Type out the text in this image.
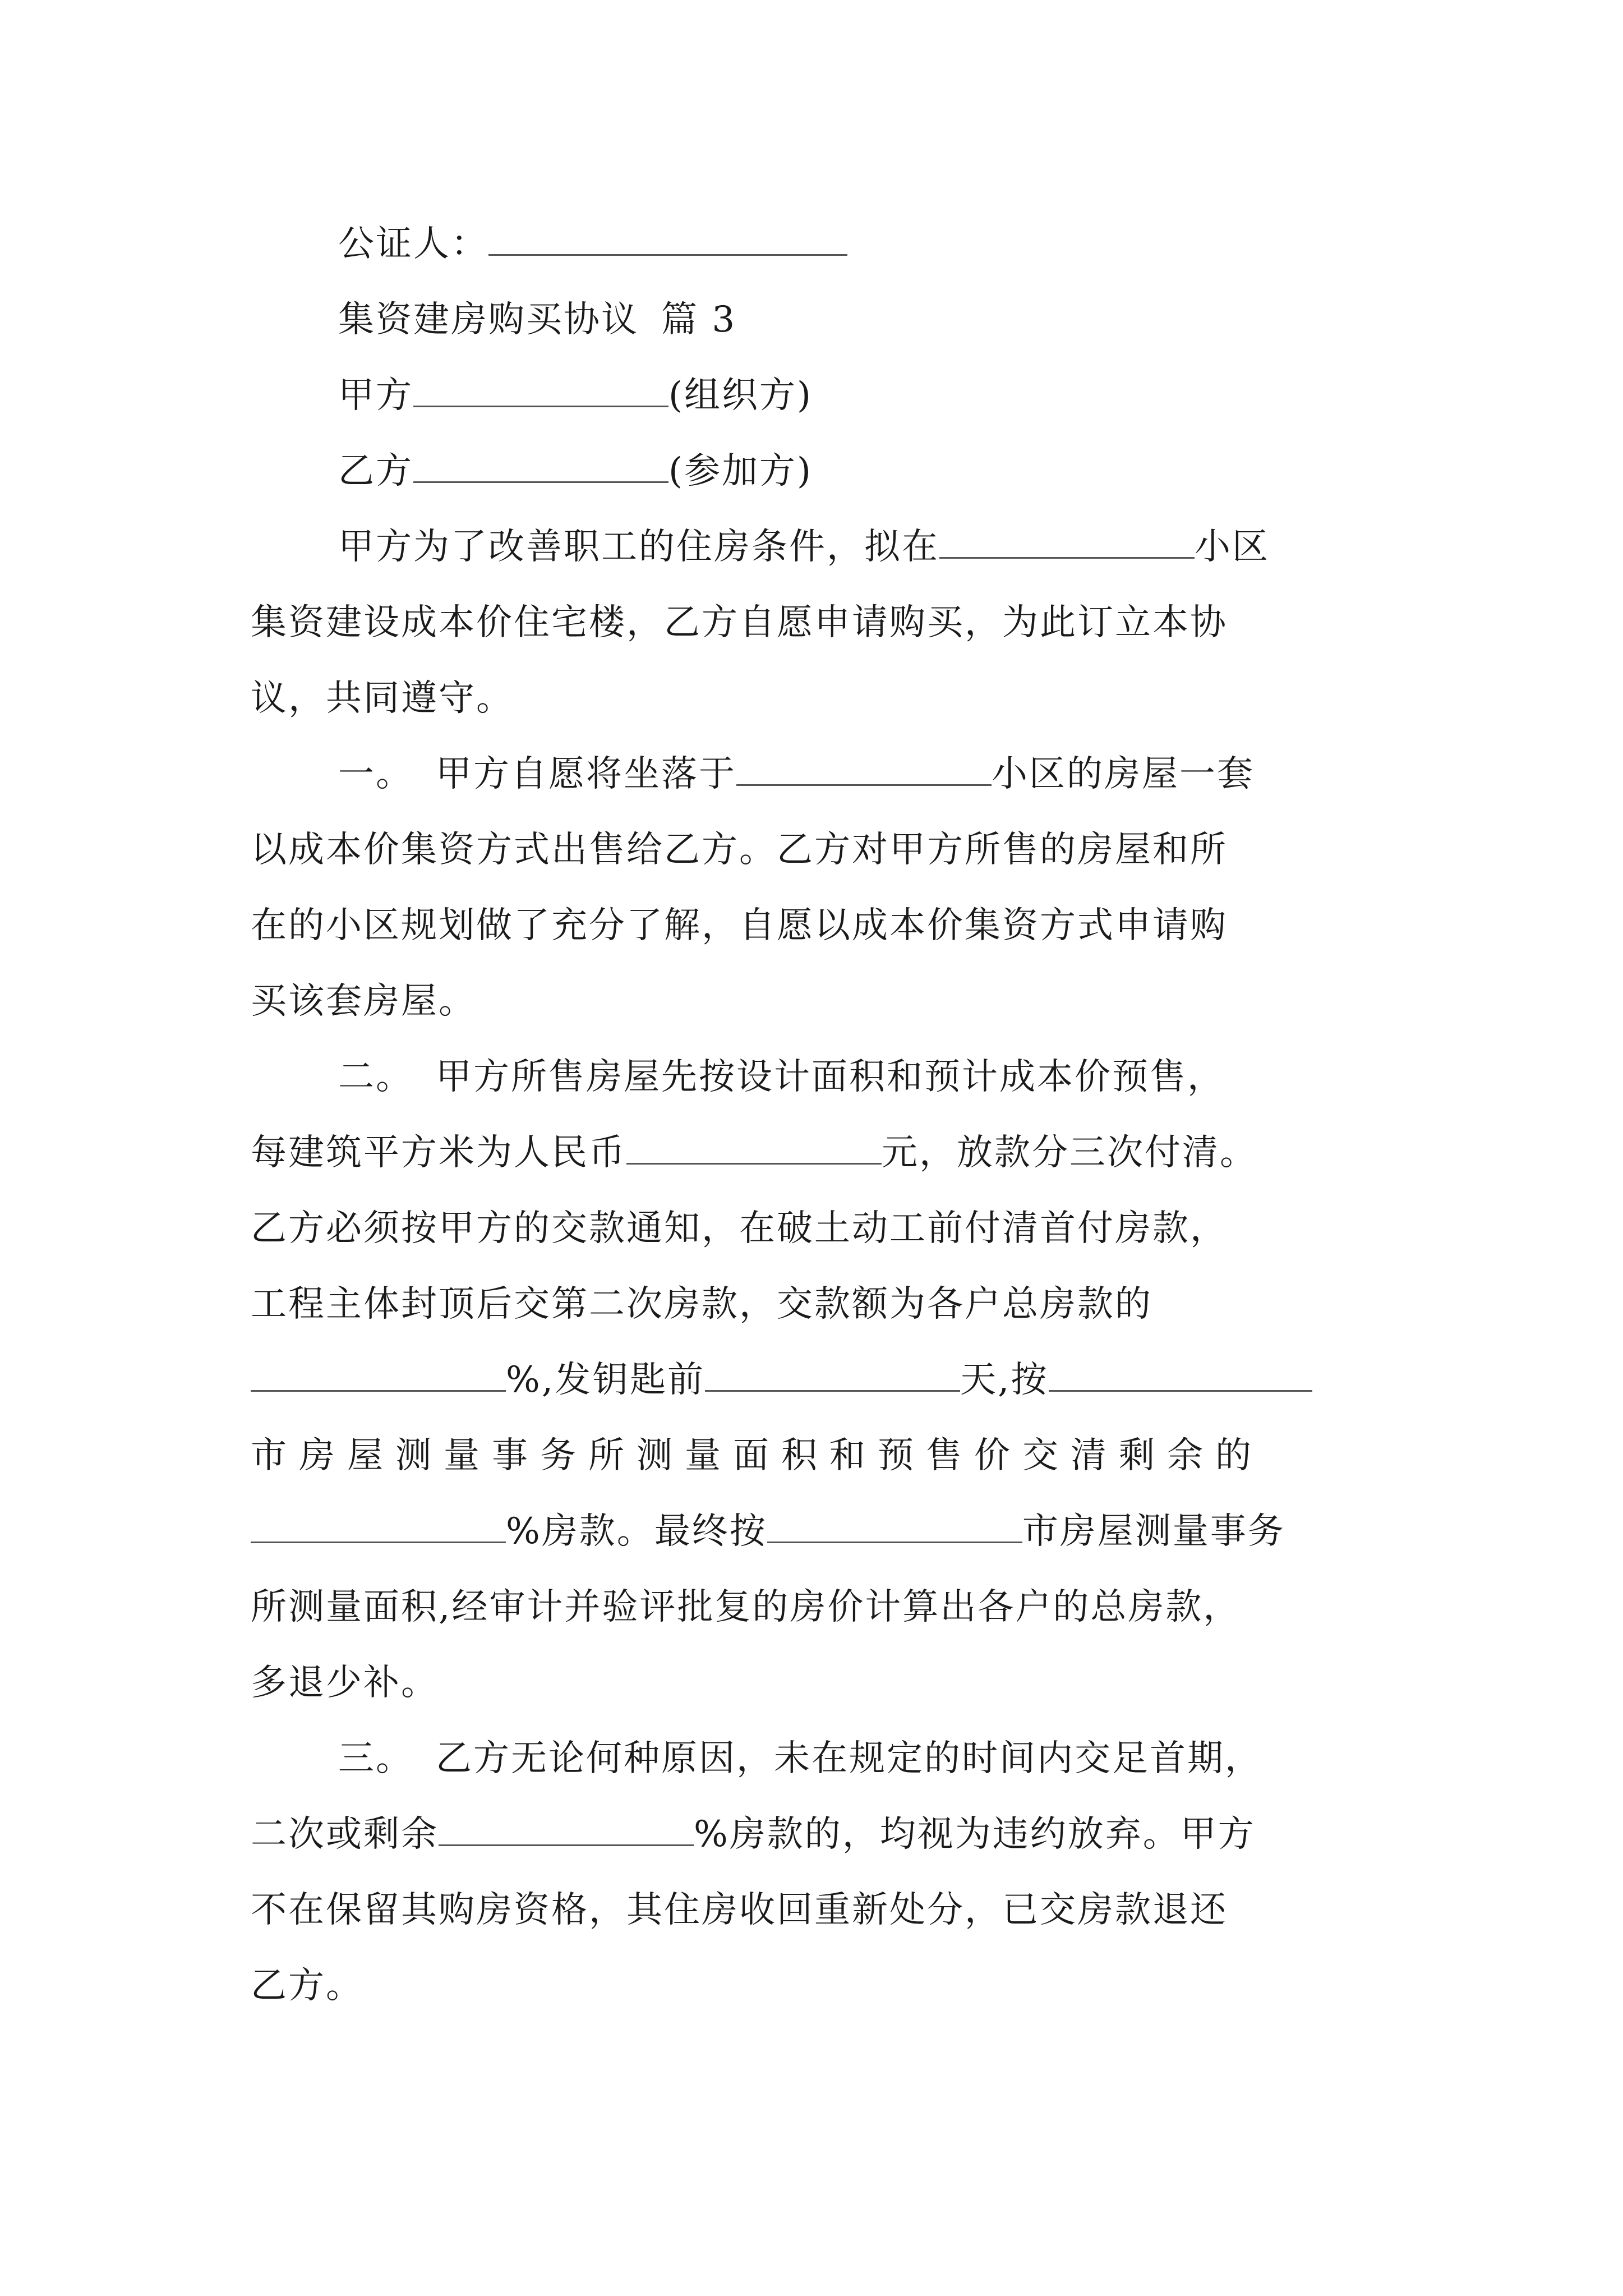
公证人：
集资建房购买协议 篇 3
甲方	(组织方)
乙方	(参加方)
甲方为了改善职工的住房条件，拟在	小区
集资建设成本价住宅楼，乙方自愿申请购买，为此订立本协
议，共同遵守。
一。 甲方自愿将坐落于	小区的房屋一套
以成本价集资方式出售给乙方。乙方对甲方所售的房屋和所
在的小区规划做了充分了解，自愿以成本价集资方式申请购
买该套房屋。
二。 甲方所售房屋先按设计面积和预计成本价预售，
每建筑平方米为人民币	元，放款分三次付清。
乙方必须按甲方的交款通知，在破土动工前付清首付房款，
工程主体封顶后交第二次房款，交款额为各户总房款的
%,发钥匙前	天,按
市房屋测量事务所测量面积和预售价交清剩余的
%房款。最终按	市房屋测量事务
所测量面积,经审计并验评批复的房价计算出各户的总房款，
多退少补。
三。 乙方无论何种原因，未在规定的时间内交足首期，
二次或剩余	%房款的，均视为违约放弃。甲方
不在保留其购房资格，其住房收回重新处分，已交房款退还
乙方。
